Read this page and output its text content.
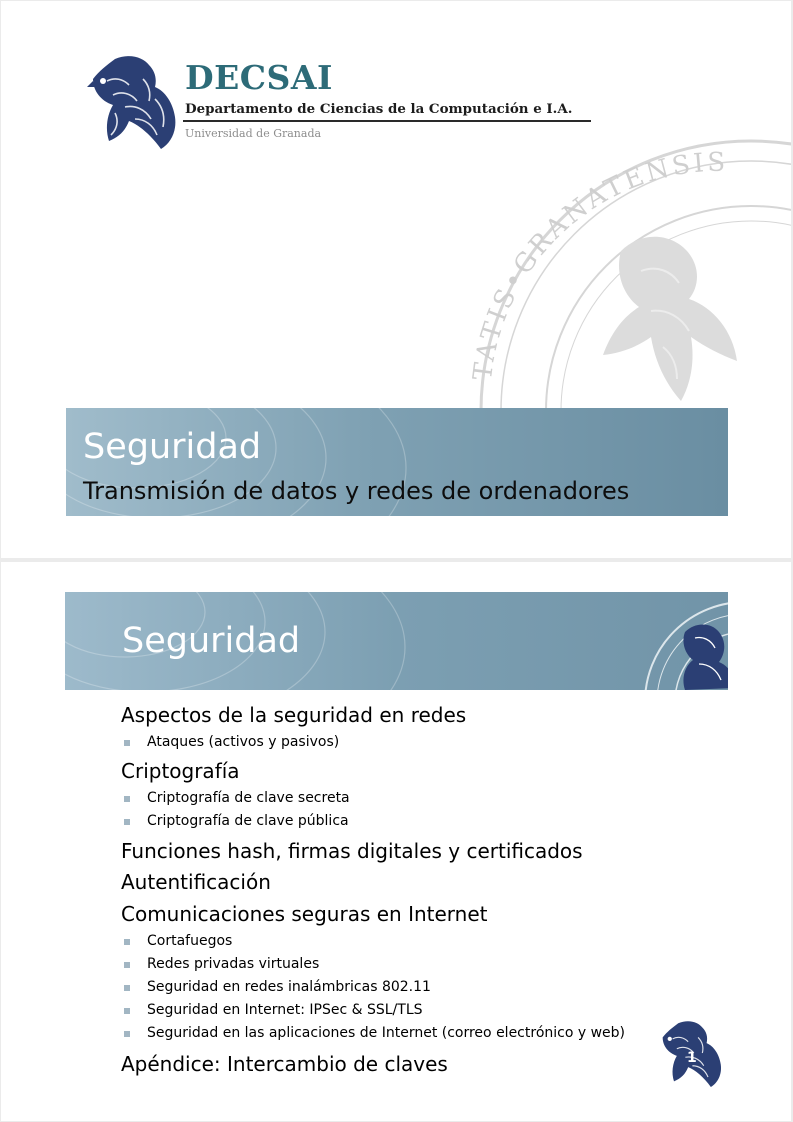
DECSAI
Departamento de Ciencias de la Computación e I.A.
Universidad de Granada
TATIS•GRANATENSIS
Seguridad
Transmisión de datos y redes de ordenadores
Seguridad
Aspectos de la seguridad en redes
Ataques (activos y pasivos)
Criptografía
Criptografía de clave secreta
Criptografía de clave pública
Funciones hash, firmas digitales y certificados
Autentificación
Comunicaciones seguras en Internet
Cortafuegos
Redes privadas virtuales
Seguridad en redes inalámbricas 802.11
Seguridad en Internet: IPSec & SSL/TLS
Seguridad en las aplicaciones de Internet (correo electrónico y web)
Apéndice: Intercambio de claves	1
